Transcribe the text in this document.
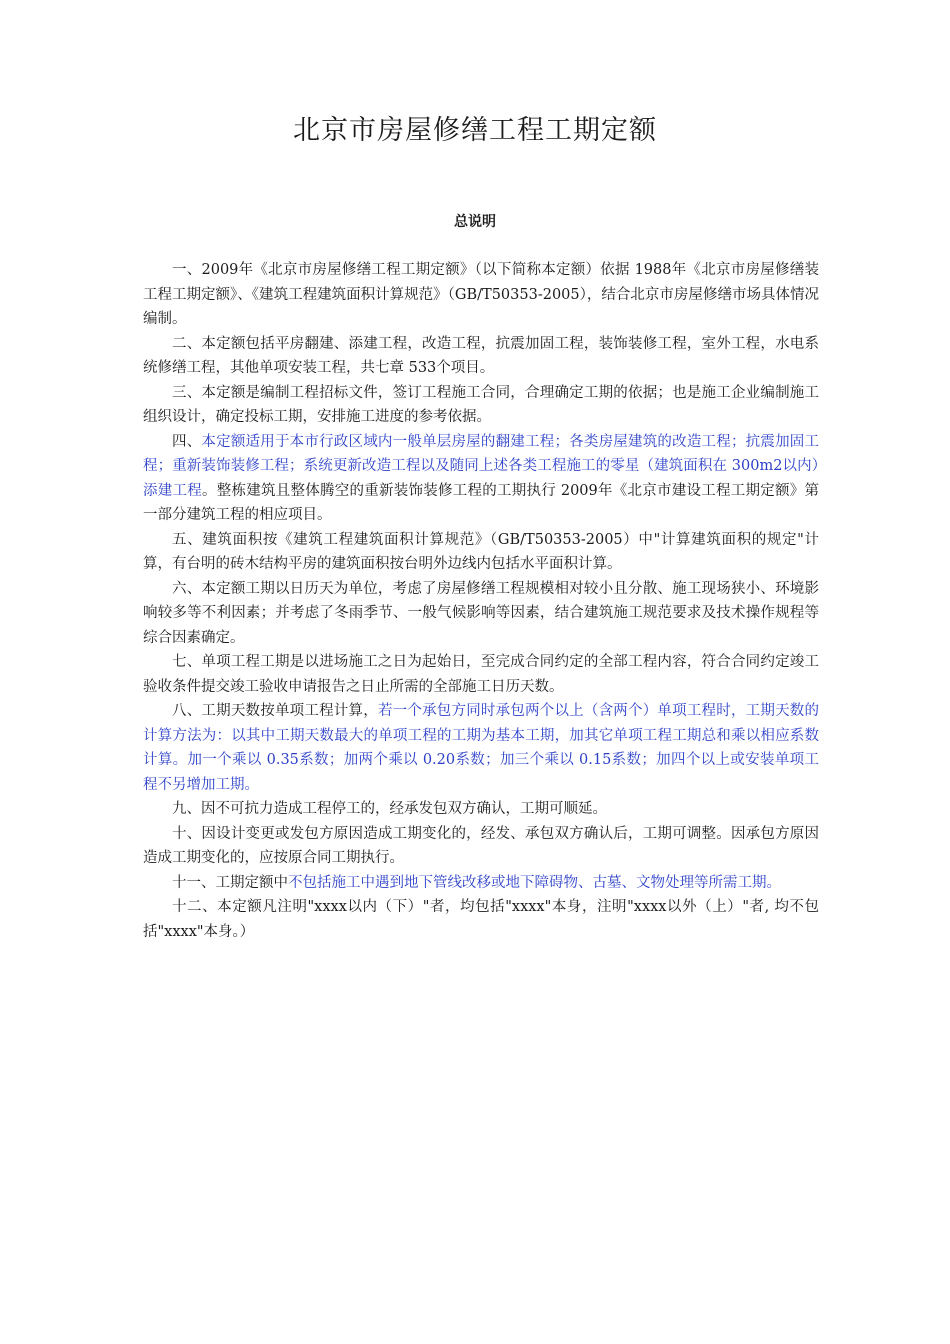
北京市房屋修缮工程工期定额
总说明

一、2009年《北京市房屋修缮工程工期定额》（以下简称本定额）依据 1988年《北京市房屋修缮装工程工期定额》、《建筑工程建筑面积计算规范》（GB/T50353-2005），结合北京市房屋修缮市场具体情况编制。

二、本定额包括平房翻建、添建工程，改造工程，抗震加固工程，装饰装修工程，室外工程，水电系统修缮工程，其他单项安装工程，共七章 533个项目。

三、本定额是编制工程招标文件，签订工程施工合同，合理确定工期的依据；也是施工企业编制施工组织设计，确定投标工期，安排施工进度的参考依据。

四、本定额适用于本市行政区域内一般单层房屋的翻建工程；各类房屋建筑的改造工程；抗震加固工程；重新装饰装修工程；系统更新改造工程以及随同上述各类工程施工的零星（建筑面积在 300m2以内）添建工程。整栋建筑且整体腾空的重新装饰装修工程的工期执行 2009年《北京市建设工程工期定额》第一部分建筑工程的相应项目。

五、建筑面积按《建筑工程建筑面积计算规范》（GB/T50353-2005）中"计算建筑面积的规定"计算，有台明的砖木结构平房的建筑面积按台明外边线内包括水平面积计算。

六、本定额工期以日历天为单位，考虑了房屋修缮工程规模相对较小且分散、施工现场狭小、环境影响较多等不利因素；并考虑了冬雨季节、一般气候影响等因素，结合建筑施工规范要求及技术操作规程等综合因素确定。

七、单项工程工期是以进场施工之日为起始日，至完成合同约定的全部工程内容，符合合同约定竣工验收条件提交竣工验收申请报告之日止所需的全部施工日历天数。

八、工期天数按单项工程计算，若一个承包方同时承包两个以上（含两个）单项工程时，工期天数的计算方法为：以其中工期天数最大的单项工程的工期为基本工期，加其它单项工程工期总和乘以相应系数计算。加一个乘以 0.35系数；加两个乘以 0.20系数；加三个乘以 0.15系数；加四个以上或安装单项工程不另增加工期。

九、因不可抗力造成工程停工的，经承发包双方确认，工期可顺延。

十、因设计变更或发包方原因造成工期变化的，经发、承包双方确认后，工期可调整。因承包方原因造成工期变化的，应按原合同工期执行。

十一、工期定额中不包括施工中遇到地下管线改移或地下障碍物、古墓、文物处理等所需工期。

十二、本定额凡注明"xxxx以内（下）"者，均包括"xxxx"本身，注明"xxxx以外（上）"者, 均不包括"xxxx"本身。）
